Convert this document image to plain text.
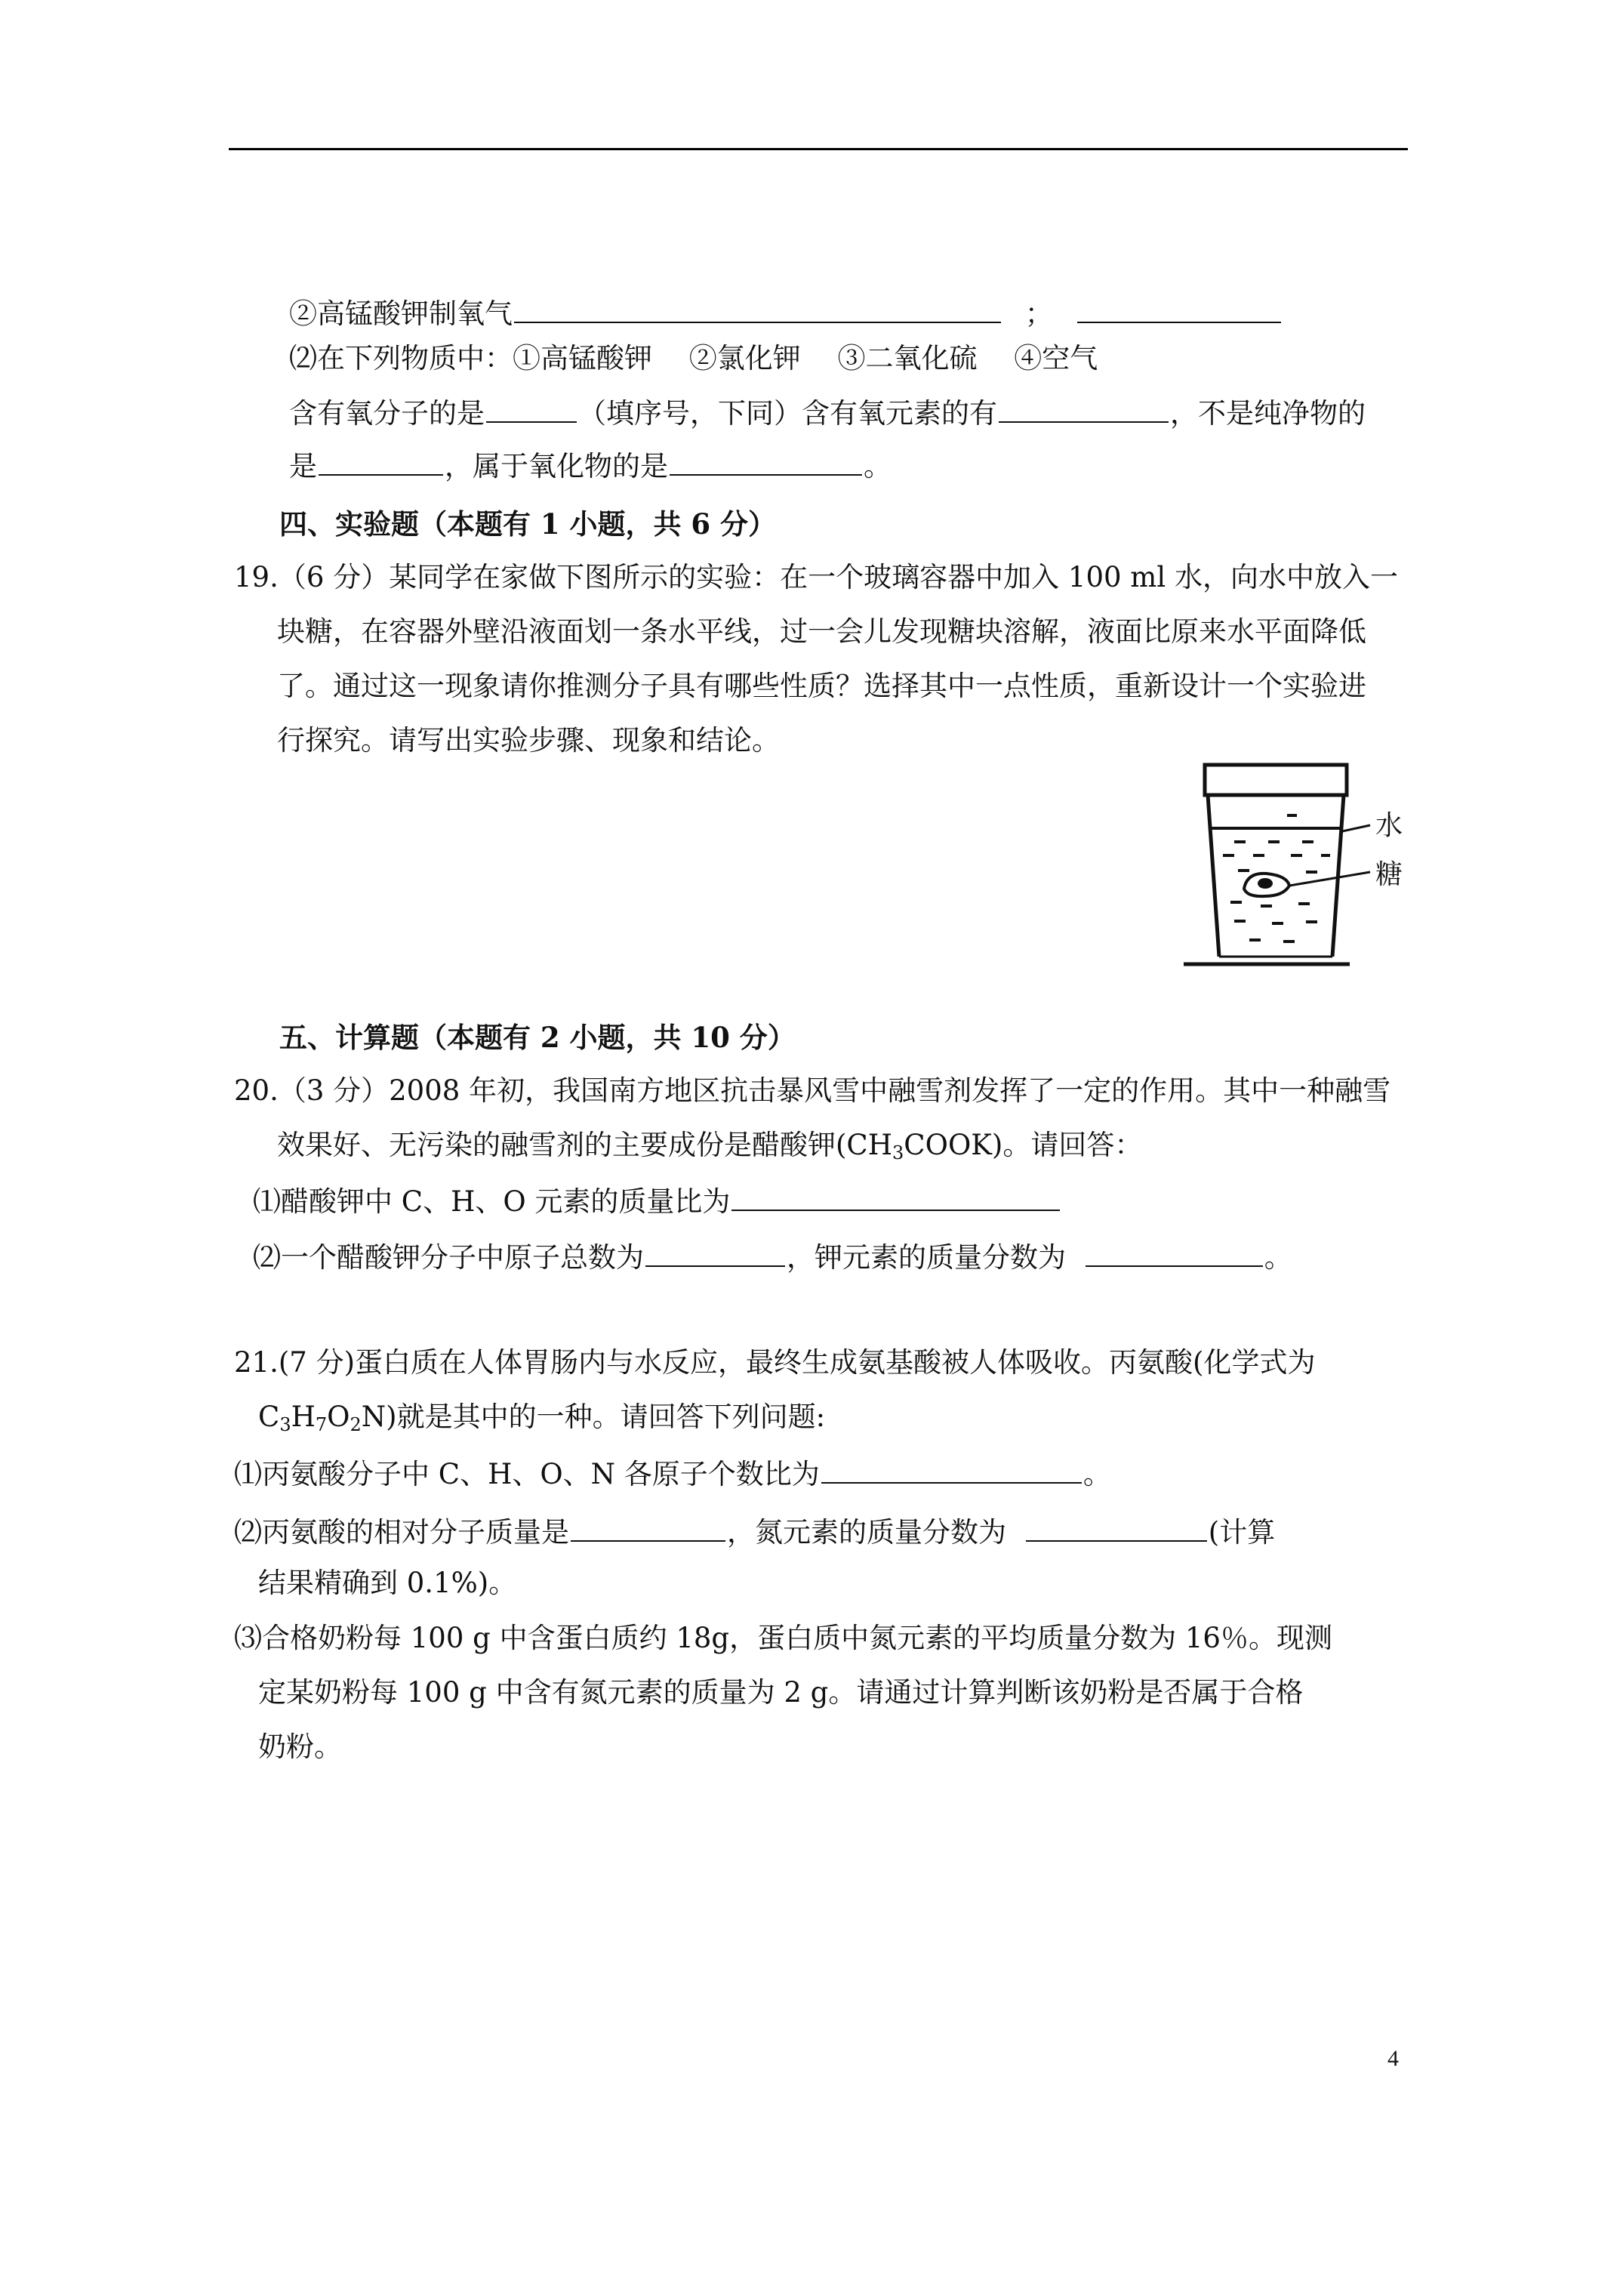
②高锰酸钾制氧气	；
⑵在下列物质中：①高锰酸钾　 ②氯化钾　 ③二氧化硫　 ④空气
含有氧分子的是	（填序号，下同）含有氧元素的有	，不是纯净物的
是	，属于氧化物的是	。
四、实验题（本题有 1 小题，共 6 分）
19.（6 分）某同学在家做下图所示的实验：在一个玻璃容器中加入 100 ml 水，向水中放入一
块糖，在容器外壁沿液面划一条水平线，过一会儿发现糖块溶解，液面比原来水平面降低
了。通过这一现象请你推测分子具有哪些性质？选择其中一点性质，重新设计一个实验进
行探究。请写出实验步骤、现象和结论。
水
糖
五、计算题（本题有 2 小题，共 10 分）
20.（3 分）2008 年初，我国南方地区抗击暴风雪中融雪剂发挥了一定的作用。其中一种融雪
效果好、无污染的融雪剂的主要成份是醋酸钾$(CH_3COOK)$。请回答：
⑴醋酸钾中 C、H、O 元素的质量比为
⑵一个醋酸钾分子中原子总数为	，钾元素的质量分数为	。
21.(7 分)蛋白质在人体胃肠内与水反应，最终生成氨基酸被人体吸收。丙氨酸(化学式为
$C_3H_7O_2N$)就是其中的一种。请回答下列问题:
⑴丙氨酸分子中 C、H、O、N 各原子个数比为	。
⑵丙氨酸的相对分子质量是	，氮元素的质量分数为	(计算
结果精确到 0.1%)。
⑶合格奶粉每 100 g 中含蛋白质约 18g，蛋白质中氮元素的平均质量分数为 16％。现测
定某奶粉每 100 g 中含有氮元素的质量为 2 g。请通过计算判断该奶粉是否属于合格
奶粉。
4
